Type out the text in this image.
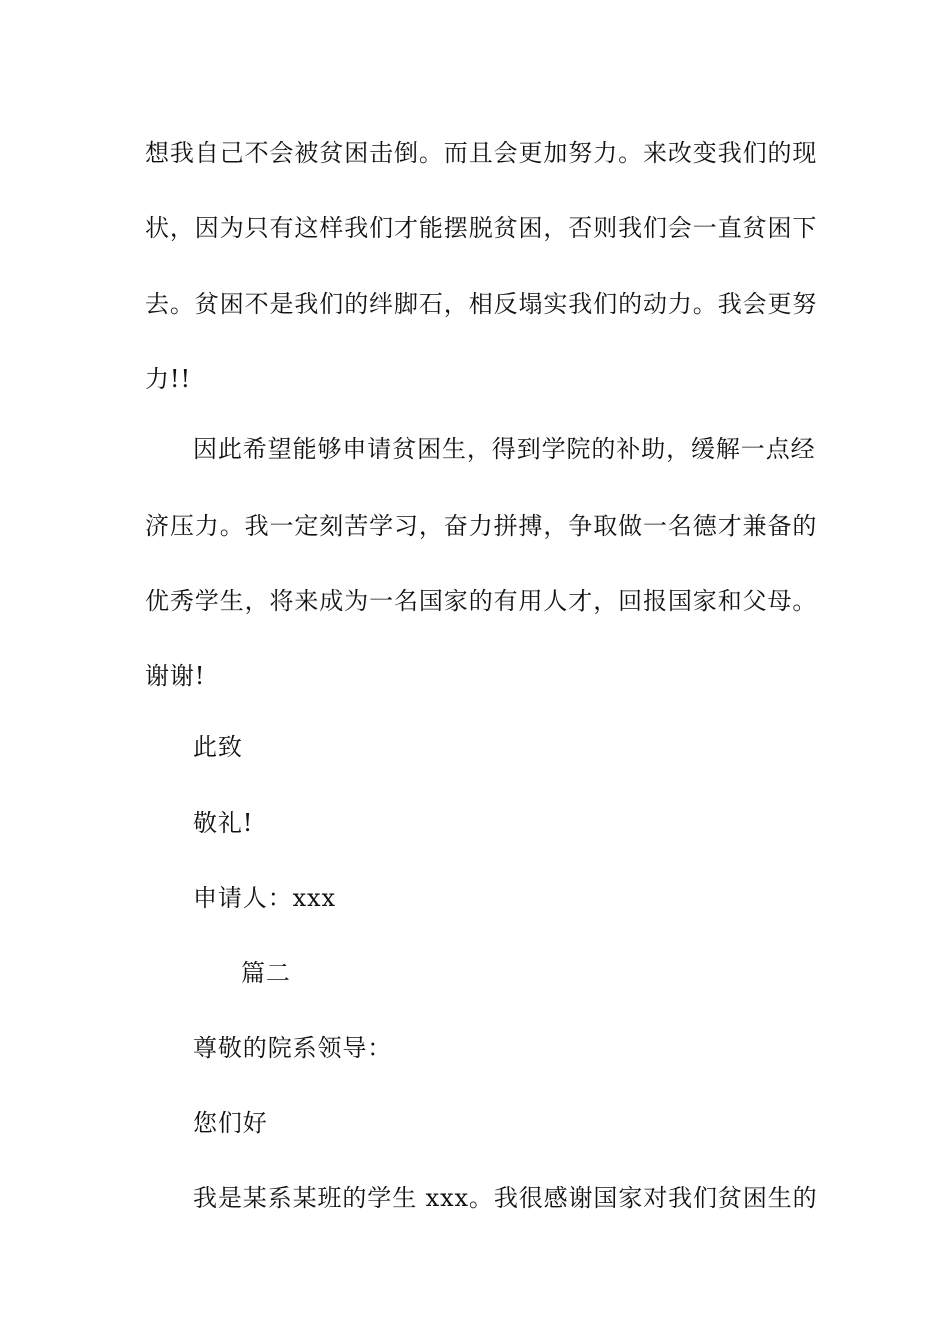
想我自己不会被贫困击倒。而且会更加努力。来改变我们的现
状，因为只有这样我们才能摆脱贫困，否则我们会一直贫困下
去。贫困不是我们的绊脚石，相反塌实我们的动力。我会更努
力!!
因此希望能够申请贫困生，得到学院的补助，缓解一点经
济压力。我一定刻苦学习，奋力拼搏，争取做一名德才兼备的
优秀学生，将来成为一名国家的有用人才，回报国家和父母。
谢谢!
此致
敬礼!
申请人：xxx
篇二
尊敬的院系领导：
您们好
我是某系某班的学生 xxx。我很感谢国家对我们贫困生的
